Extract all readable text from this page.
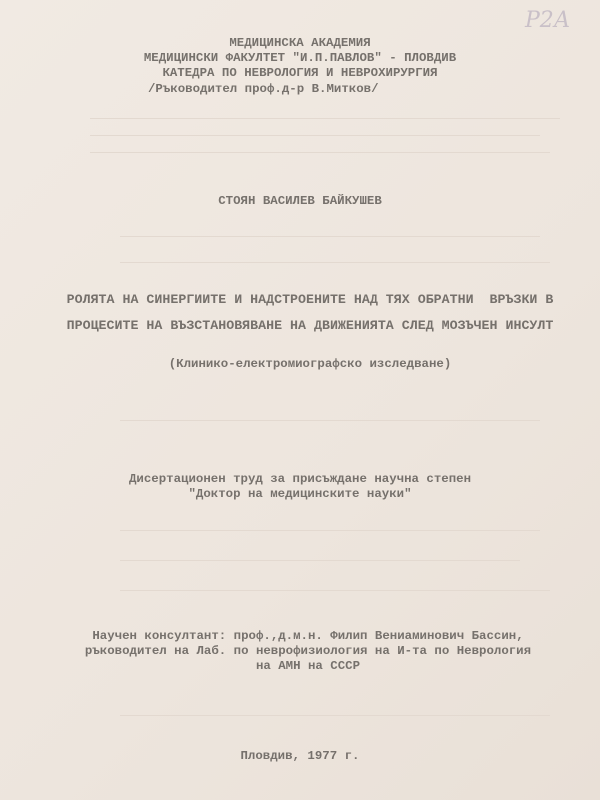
Р2А
МЕДИЦИНСКА АКАДЕМИЯ
МЕДИЦИНСКИ ФАКУЛТЕТ "И.П.ПАВЛОВ" - ПЛОВДИВ
КАТЕДРА ПО НЕВРОЛОГИЯ И НЕВРОХИРУРГИЯ
/Ръководител проф.д-р В.Митков/
СТОЯН ВАСИЛЕВ БАЙКУШЕВ
РОЛЯТА НА СИНЕРГИИТЕ И НАДСТРОЕНИТЕ НАД ТЯХ ОБРАТНИ  ВРЪЗКИ В
ПРОЦЕСИТЕ НА ВЪЗСТАНОВЯВАНЕ НА ДВИЖЕНИЯТА СЛЕД МОЗЪЧЕН ИНСУЛТ
(Клинико-електромиографско изследване)
Дисертационен труд за присъждане научна степен
"Доктор на медицинските науки"
Научен консултант: проф.,д.м.н. Филип Вениаминович Бассин,
ръководител на Лаб. по неврофизиология на И-та по Неврология
на АМН на СССР
Пловдив, 1977 г.
